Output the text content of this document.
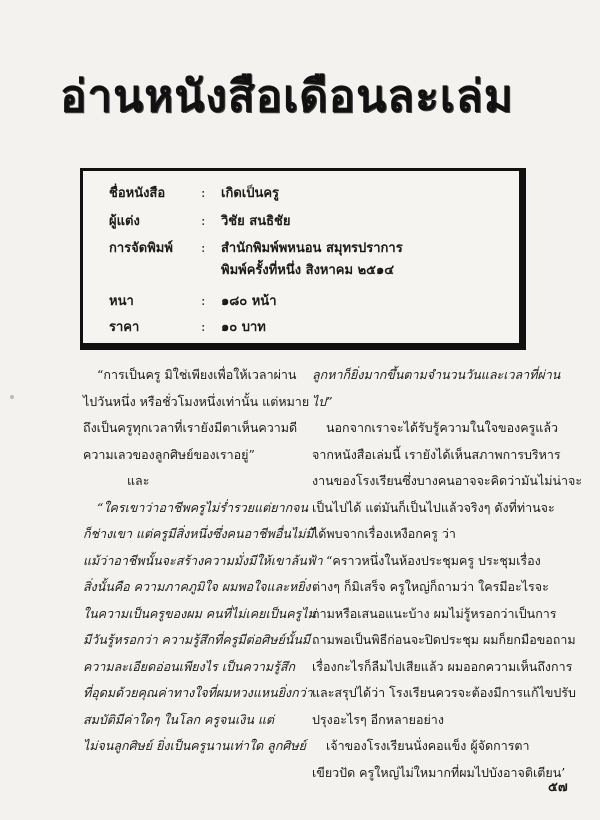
อ่านหนังสือเดือนละเล่ม
ชื่อหนังสือ	: เกิดเป็นครู
ผู้แต่ง	: วิชัย สนธิชัย
การจัดพิมพ์ : สำนักพิมพ์พหนอน สมุทรปราการ
พิมพ์ครั้งที่หนึ่ง สิงหาคม ๒๕๑๔
หนา	: ๑๘๐ หน้า
ราคา	: ๑๐ บาท

“การเป็นครู มิใช่เพียงเพื่อให้เวลาผ่าน

ไปวันหนึ่ง หรือชั่วโมงหนึ่งเท่านั้น แต่หมาย

ถึงเป็นครูทุกเวลาที่เรายังมีตาเห็นความดี

ความเลวของลูกศิษย์ของเราอยู่”

และ

“ใครเขาว่าอาชีพครูไม่ร่ำรวยแต่ยากจน

ก็ช่างเขา แต่ครูมีสิ่งหนึ่งซึ่งคนอาชีพอื่นไม่มี

แม้ว่าอาชีพนั้นจะสร้างความมั่งมีให้เขาล้นฟ้า

สิ่งนั้นคือ ความภาคภูมิใจ ผมพอใจและหยิ่ง

ในความเป็นครูของผม คนที่ไม่เคยเป็นครูไม่

มีวันรู้หรอกว่า ความรู้สึกที่ครูมีต่อศิษย์นั้นมี

ความละเอียดอ่อนเพียงไร เป็นความรู้สึก

ที่อุดมด้วยคุณค่าทางใจที่ผมหวงแหนยิ่งกว่า

สมบัติมีค่าใดๆ ในโลก ครูจนเงิน แต่

ไม่จนลูกศิษย์ ยิ่งเป็นครูนานเท่าใด ลูกศิษย์

ลูกหาก็ยิ่งมากขึ้นตามจำนวนวันและเวลาที่ผ่าน

ไป”

นอกจากเราจะได้รับรู้ความในใจของครูแล้ว

จากหนังสือเล่มนี้ เรายังได้เห็นสภาพการบริหาร

งานของโรงเรียนซึ่งบางคนอาจจะคิดว่ามันไม่น่าจะ

เป็นไปได้ แต่มันก็เป็นไปแล้วจริงๆ ดังที่ท่านจะ

ได้พบจากเรื่องเหงือกครู ว่า

“คราวหนึ่งในห้องประชุมครู ประชุมเรื่อง

ต่างๆ ก็มิเสร็จ ครูใหญ่ก็ถามว่า ใครมีอะไรจะ

ถามหรือเสนอแนะบ้าง ผมไม่รู้หรอกว่าเป็นการ

ถามพอเป็นพิธีก่อนจะปิดประชุม ผมก็ยกมือขอถาม

เรื่องกะไรก็ลืมไปเสียแล้ว ผมออกความเห็นถึงการ

และสรุปได้ว่า โรงเรียนควรจะต้องมีการแก้ไขปรับ

ปรุงอะไรๆ อีกหลายอย่าง

เจ้าของโรงเรียนนั่งคอแข็ง ผู้จัดการตา

เขียวปัด ครูใหญ่ไม่ใหมากที่ผมไปบังอาจติเตียน’

๕๗
